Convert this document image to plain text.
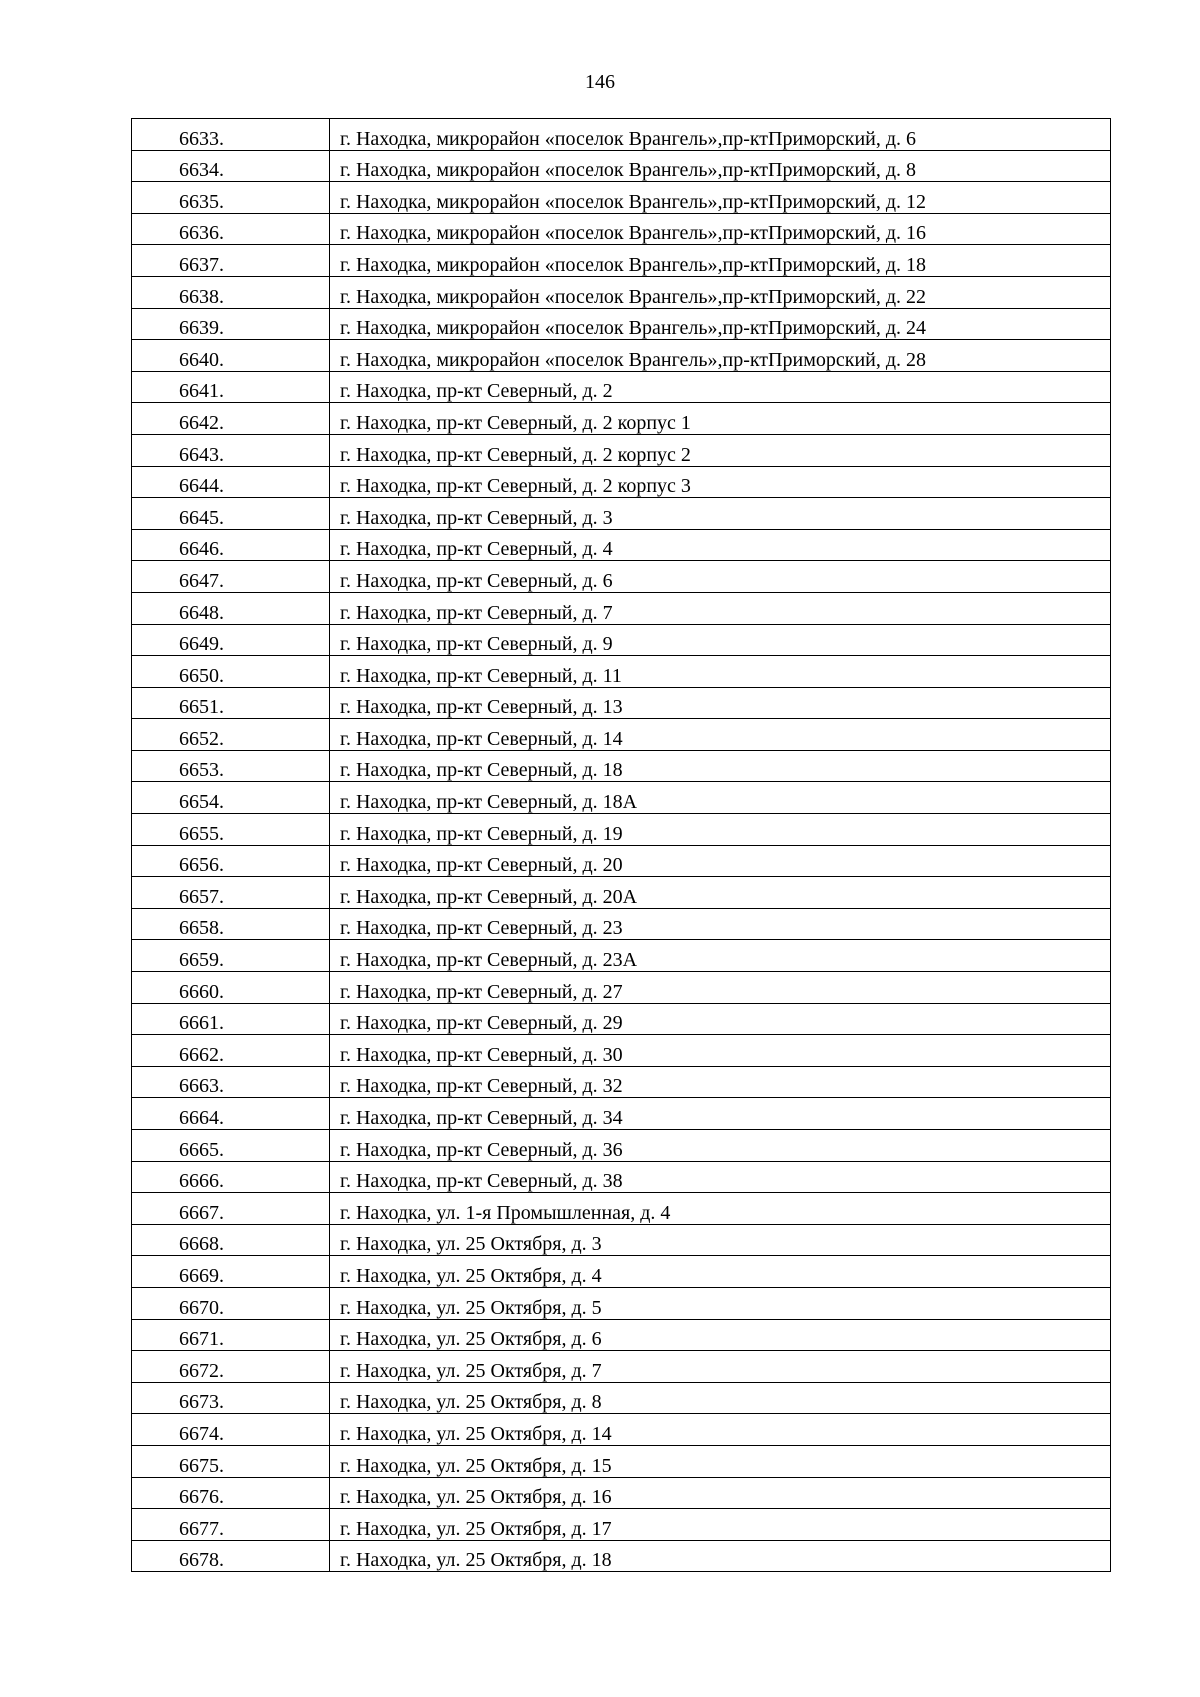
146
6633.	г. Находка, микрорайон «поселок Врангель»,пр-ктПриморский, д. 6
6634.	г. Находка, микрорайон «поселок Врангель»,пр-ктПриморский, д. 8
6635.	г. Находка, микрорайон «поселок Врангель»,пр-ктПриморский, д. 12
6636.	г. Находка, микрорайон «поселок Врангель»,пр-ктПриморский, д. 16
6637.	г. Находка, микрорайон «поселок Врангель»,пр-ктПриморский, д. 18
6638.	г. Находка, микрорайон «поселок Врангель»,пр-ктПриморский, д. 22
6639.	г. Находка, микрорайон «поселок Врангель»,пр-ктПриморский, д. 24
6640.	г. Находка, микрорайон «поселок Врангель»,пр-ктПриморский, д. 28
6641.	г. Находка, пр-кт Северный, д. 2
6642.	г. Находка, пр-кт Северный, д. 2 корпус 1
6643.	г. Находка, пр-кт Северный, д. 2 корпус 2
6644.	г. Находка, пр-кт Северный, д. 2 корпус 3
6645.	г. Находка, пр-кт Северный, д. 3
6646.	г. Находка, пр-кт Северный, д. 4
6647.	г. Находка, пр-кт Северный, д. 6
6648.	г. Находка, пр-кт Северный, д. 7
6649.	г. Находка, пр-кт Северный, д. 9
6650.	г. Находка, пр-кт Северный, д. 11
6651.	г. Находка, пр-кт Северный, д. 13
6652.	г. Находка, пр-кт Северный, д. 14
6653.	г. Находка, пр-кт Северный, д. 18
6654.	г. Находка, пр-кт Северный, д. 18А
6655.	г. Находка, пр-кт Северный, д. 19
6656.	г. Находка, пр-кт Северный, д. 20
6657.	г. Находка, пр-кт Северный, д. 20А
6658.	г. Находка, пр-кт Северный, д. 23
6659.	г. Находка, пр-кт Северный, д. 23А
6660.	г. Находка, пр-кт Северный, д. 27
6661.	г. Находка, пр-кт Северный, д. 29
6662.	г. Находка, пр-кт Северный, д. 30
6663.	г. Находка, пр-кт Северный, д. 32
6664.	г. Находка, пр-кт Северный, д. 34
6665.	г. Находка, пр-кт Северный, д. 36
6666.	г. Находка, пр-кт Северный, д. 38
6667.	г. Находка, ул. 1-я Промышленная, д. 4
6668.	г. Находка, ул. 25 Октября, д. 3
6669.	г. Находка, ул. 25 Октября, д. 4
6670.	г. Находка, ул. 25 Октября, д. 5
6671.	г. Находка, ул. 25 Октября, д. 6
6672.	г. Находка, ул. 25 Октября, д. 7
6673.	г. Находка, ул. 25 Октября, д. 8
6674.	г. Находка, ул. 25 Октября, д. 14
6675.	г. Находка, ул. 25 Октября, д. 15
6676.	г. Находка, ул. 25 Октября, д. 16
6677.	г. Находка, ул. 25 Октября, д. 17
6678.	г. Находка, ул. 25 Октября, д. 18
